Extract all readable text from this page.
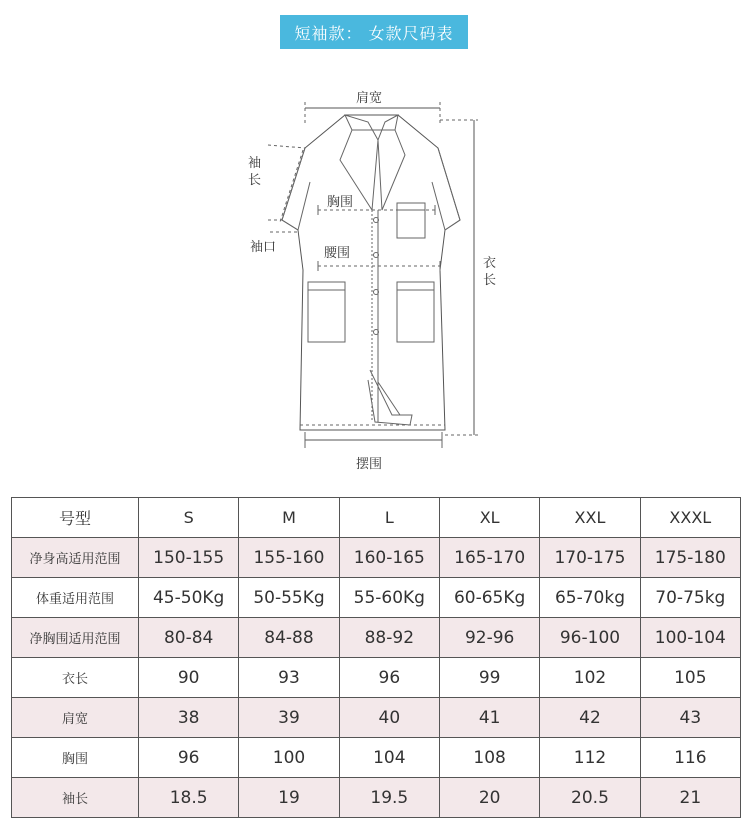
短袖款： 女款尺码表
肩宽
袖
长
胸围
袖口	腰围
衣
长
摆围
号型	S	M	L	XL	XXL	XXXL
净身高适用范围	150-155	155-160	160-165	165-170	170-175	175-180
体重适用范围	45-50Kg	50-55Kg	55-60Kg	60-65Kg	65-70kg	70-75kg
净胸围适用范围	80-84	84-88	88-92	92-96	96-100	100-104
衣长	90	93	96	99	102	105
肩宽	38	39	40	41	42	43
胸围	96	100	104	108	112	116
袖长	18.5	19	19.5	20	20.5	21
